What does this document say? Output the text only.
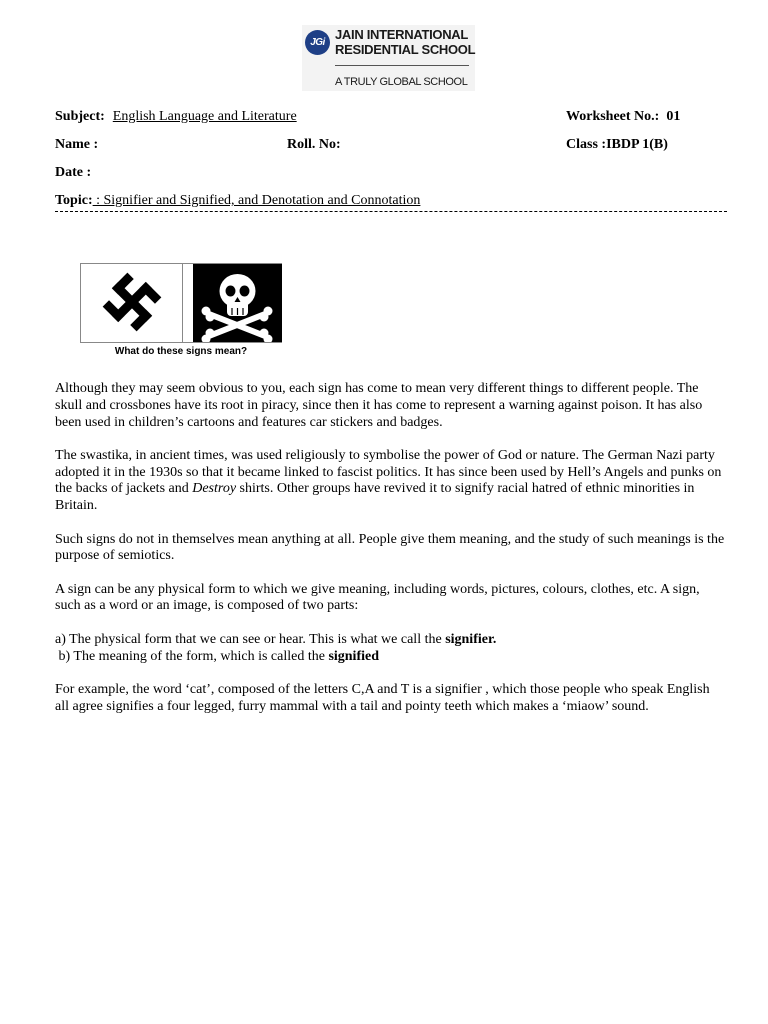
JGi
JAIN INTERNATIONAL
RESIDENTIAL SCHOOL
A TRULY GLOBAL SCHOOL
Subject: English Language and Literature	Worksheet No.: 01
Name :	Roll. No:	Class :IBDP 1(B)
Date :
Topic: : Signifier and Signified, and Denotation and Connotation
What do these signs mean?

Although they may seem obvious to you, each sign has come to mean very different things to different people. The skull and crossbones have its root in piracy, since then it has come to represent a warning against poison. It has also been used in children’s cartoons and features car stickers and badges.

The swastika, in ancient times, was used religiously to symbolise the power of God or nature. The German Nazi party adopted it in the 1930s so that it became linked to fascist politics. It has since been used by Hell’s Angels and punks on the backs of jackets and Destroy shirts. Other groups have revived it to signify racial hatred of ethnic minorities in Britain.

Such signs do not in themselves mean anything at all. People give them meaning, and the study of such meanings is the purpose of semiotics.

A sign can be any physical form to which we give meaning, including words, pictures, colours, clothes, etc. A sign, such as a word or an image, is composed of two parts:

a) The physical form that we can see or hear. This is what we call the signifier.

b) The meaning of the form, which is called the signified

For example, the word ‘cat’, composed of the letters C,A and T is a signifier , which those people who speak English all agree signifies a four legged, furry mammal with a tail and pointy teeth which makes a ‘miaow’ sound.
